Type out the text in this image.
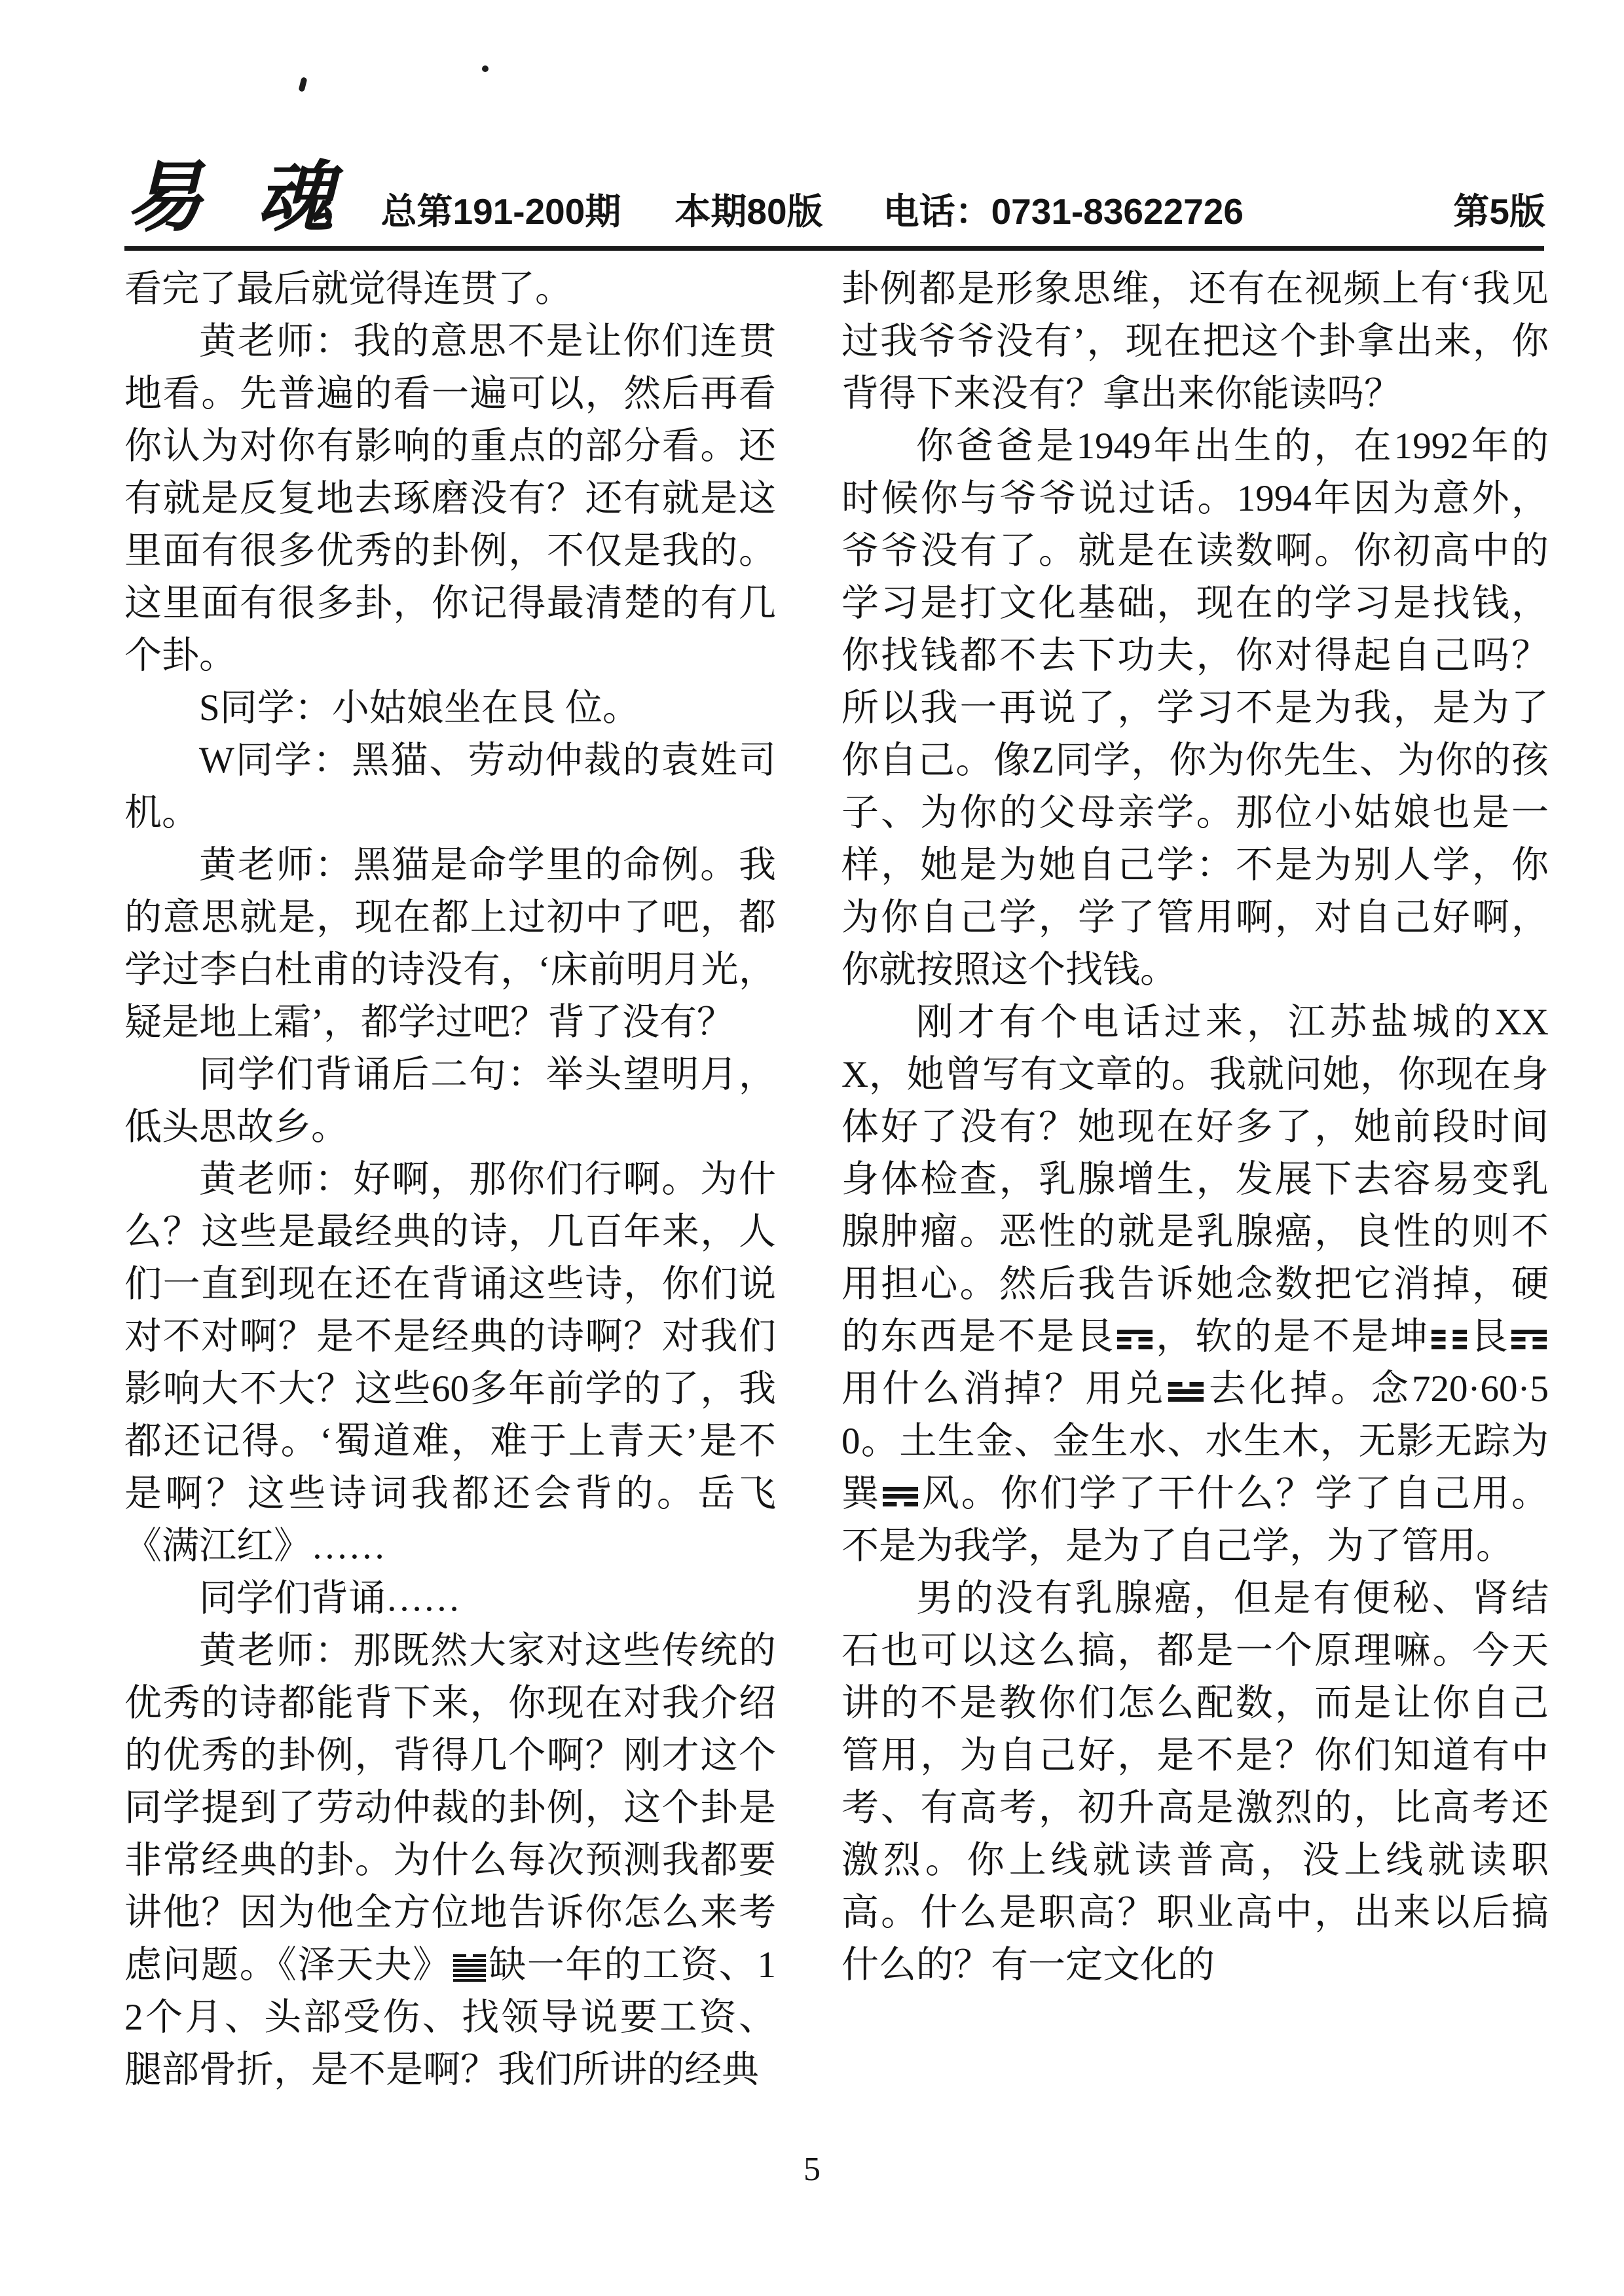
易 魂 总第191-200期 本期80版 电话：0731-83622726	第5版

看完了最后就觉得连贯了。

黄老师：我的意思不是让你们连贯地看。先普遍的看一遍可以，然后再看你认为对你有影响的重点的部分看。还有就是反复地去琢磨没有？还有就是这里面有很多优秀的卦例，不仅是我的。这里面有很多卦，你记得最清楚的有几个卦。

S同学：小姑娘坐在艮 位。

W同学：黑猫、劳动仲裁的袁姓司机。

黄老师：黑猫是命学里的命例。我的意思就是，现在都上过初中了吧，都学过李白杜甫的诗没有，‘床前明月光，疑是地上霜’，都学过吧？背了没有？

同学们背诵后二句：举头望明月，低头思故乡。

黄老师：好啊，那你们行啊。为什么？这些是最经典的诗，几百年来，人们一直到现在还在背诵这些诗，你们说对不对啊？是不是经典的诗啊？对我们影响大不大？这些60多年前学的了，我都还记得。‘蜀道难，难于上青天’是不是啊？这些诗词我都还会背的。岳飞《满江红》……

同学们背诵……

黄老师：那既然大家对这些传统的优秀的诗都能背下来，你现在对我介绍的优秀的卦例，背得几个啊？刚才这个同学提到了劳动仲裁的卦例，这个卦是非常经典的卦。为什么每次预测我都要讲他？因为他全方位地告诉你怎么来考虑问题。《泽天夬》 缺一年的工资、12个月、头部受伤、找领导说要工资、腿部骨折，是不是啊？我们所讲的经典

卦例都是形象思维，还有在视频上有‘我见过我爷爷没有’，现在把这个卦拿出来，你背得下来没有？拿出来你能读吗？

你爸爸是1949年出生的，在1992年的时候你与爷爷说过话。1994年因为意外，爷爷没有了。就是在读数啊。你初高中的学习是打文化基础，现在的学习是找钱，你找钱都不去下功夫，你对得起自己吗？ 所以我一再说了，学习不是为我，是为了你自己。像Z同学，你为你先生、为你的孩子、为你的父母亲学。那位小姑娘也是一样，她是为她自己学：不是为别人学，你为你自己学，学了管用啊，对自己好啊，你就按照这个找钱。

刚才有个电话过来，江苏盐城的XXX，她曾写有文章的。我就问她，你现在身体好了没有？她现在好多了，她前段时间身体检查，乳腺增生，发展下去容易变乳腺肿瘤。恶性的就是乳腺癌，良性的则不用担心。然后我告诉她念数把它消掉，硬的东西是不是艮 ，软的是不是坤 艮
用什么消掉？用兑 去化掉。念720·60·50。土生金、金生水、水生木，无影无踪为巽 风。你们学了干什么？学了自己用。不是为我学，是为了自己学，为了管用。

男的没有乳腺癌，但是有便秘、肾结石也可以这么搞，都是一个原理嘛。今天讲的不是教你们怎么配数，而是让你自己管用，为自己好，是不是？你们知道有中考、有高考，初升高是激烈的，比高考还激烈。你上线就读普高，没上线就读职高。什么是职高？职业高中，出来以后搞什么的？有一定文化的

5
